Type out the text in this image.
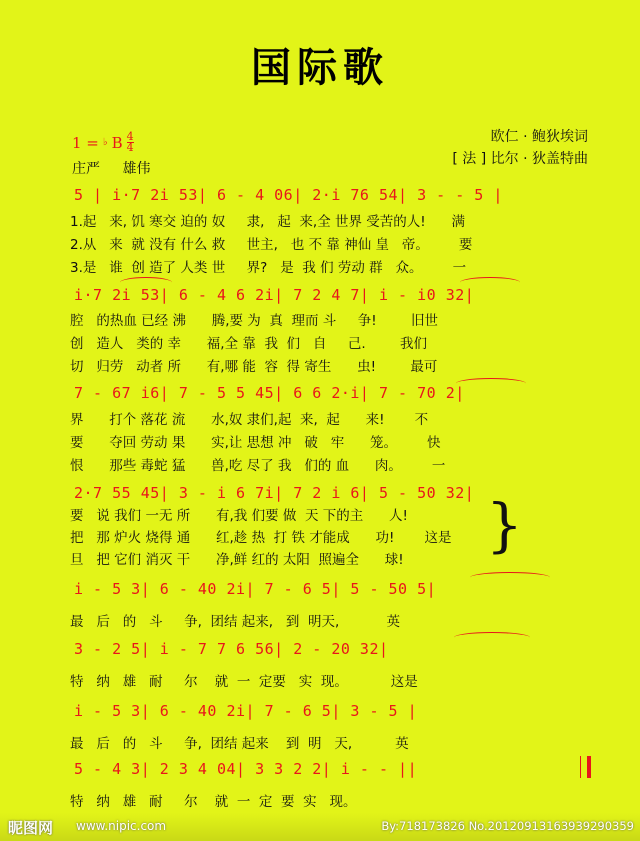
国际歌
1 = ♭ B $\frac{4}{4}$
庄严 雄伟
欧仁 · 鲍狄埃词
[ 法 ] 比尔 · 狄盖特曲
5 | i·7 2i 53| 6 - 4 06| 2·i 76 54| 3 - - 5 |
1.起   来, 饥 寒交 迫的 奴     隶,   起  来,全 世界 受苦的人!      满
2.从   来  就 没有 什么 救     世主,   也 不 靠 神仙 皇   帝。       要
3.是   谁  创 造了 人类 世     界?   是  我 们 劳动 群   众。       一
i·7 2i 53| 6 - 4 6 2i| 7 2 4 7| i - i0 32|
腔   的热血 已经 沸      腾,要 为  真  理而 斗     争!        旧世
创   造人   类的 幸      福,全 靠  我  们   自     己.        我们
切   归劳   动者 所      有,哪 能  容  得 寄生      虫!        最可
7 - 67 i6| 7 - 5 5 45| 6 6 2·i| 7 - 70 2|
界      打个 落花 流      水,奴 隶们,起  来,  起      来!       不
要      夺回 劳动 果      实,让 思想 冲   破   牢      笼。       快
恨      那些 毒蛇 猛      兽,吃 尽了 我   们的 血      肉。       一
2·7 55 45| 3 - i 6 7i| 7 2 i 6| 5 - 50 32|
要   说 我们 一无 所      有,我 们要 做  天 下的主      人!
把   那 炉火 烧得 通      红,趁 热  打 铁 才能成      功!       这是
旦   把 它们 消灭 干      净,鲜 红的 太阳  照遍全      球!
}
i - 5 3| 6 - 40 2i| 7 - 6 5| 5 - 50 5|
最   后   的   斗     争,  团结 起来,   到  明天,           英
3 - 2 5| i - 7 7 6 56| 2 - 20 32|
特   纳   雄   耐     尔    就  一  定要   实  现。          这是
i - 5 3| 6 - 40 2i| 7 - 6 5| 3 - 5 |
最   后   的   斗     争,  团结 起来    到  明   天,          英
5 - 4 3| 2 3 4 04| 3 3 2 2| i - - ||
特   纳   雄   耐     尔    就  一  定  要  实   现。
昵图网 www.nipic.com	By:718173826 No.20120913163939290359
